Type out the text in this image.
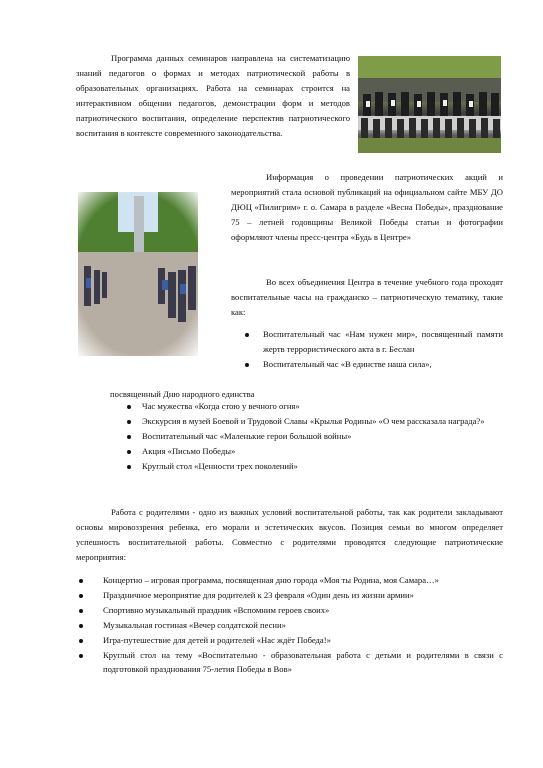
Программа данных семинаров направлена на систематизацию знаний педагогов о формах и методах патриотической работы в образовательных организациях. Работа на семинарах строится на интерактивном общении педагогов, демонстрации форм и методов патриотического воспитания, определение перспектив патриотического воспитания в контексте современного законодательства.

Информация о проведении патриотических акций и мероприятий стала основой публикаций на официальном сайте МБУ ДО ДЮЦ «Пилигрим» г. о. Самара в разделе «Весна Победы», празднование 75 – летней годовщины Великой Победы статьи и фотографии оформляют члены пресс-центра «Будь в Центре»

Во всех объединения Центра в течение учебного года проходят воспитательные часы на гражданско – патриотическую тематику, такие как:

Воспитательный час «Нам нужен мир», посвященный памяти жертв террористического акта в г. Беслан
Воспитательный час «В единстве наша сила»,
посвященный Дню народного единства
Час мужества «Когда стою у вечного огня»
Экскурсия в музей Боевой и Трудовой Славы «Крылья Родины» «О чем рассказала награда?»
Воспитательный час «Маленькие герои большой войны»
Акция «Письмо Победы»
Круглый стол «Ценности трех поколений»

Работа с родителями - одно из важных условий воспитательной работы, так как родители закладывают основы мировоззрения ребенка, его морали и эстетических вкусов. Позиция семьи во многом определяет успешность воспитательной работы. Совместно с родителями проводятся следующие патриотические мероприятия:

Концертно – игровая программа, посвященная дню города «Моя ты Родина, моя Самара…»
Праздничное мероприятие для родителей к 23 февраля «Один день из жизни армии»
Спортивно музыкальный праздник «Вспомним героев своих»
Музыкальная гостиная «Вечер солдатской песни»
Игра-путешествие для детей и родителей «Нас ждёт Победа!»
Круглый стол на тему «Воспитательно - образовательная работа с детьми и родителями в связи с подготовкой празднования 75-летия Победы в Вов»
